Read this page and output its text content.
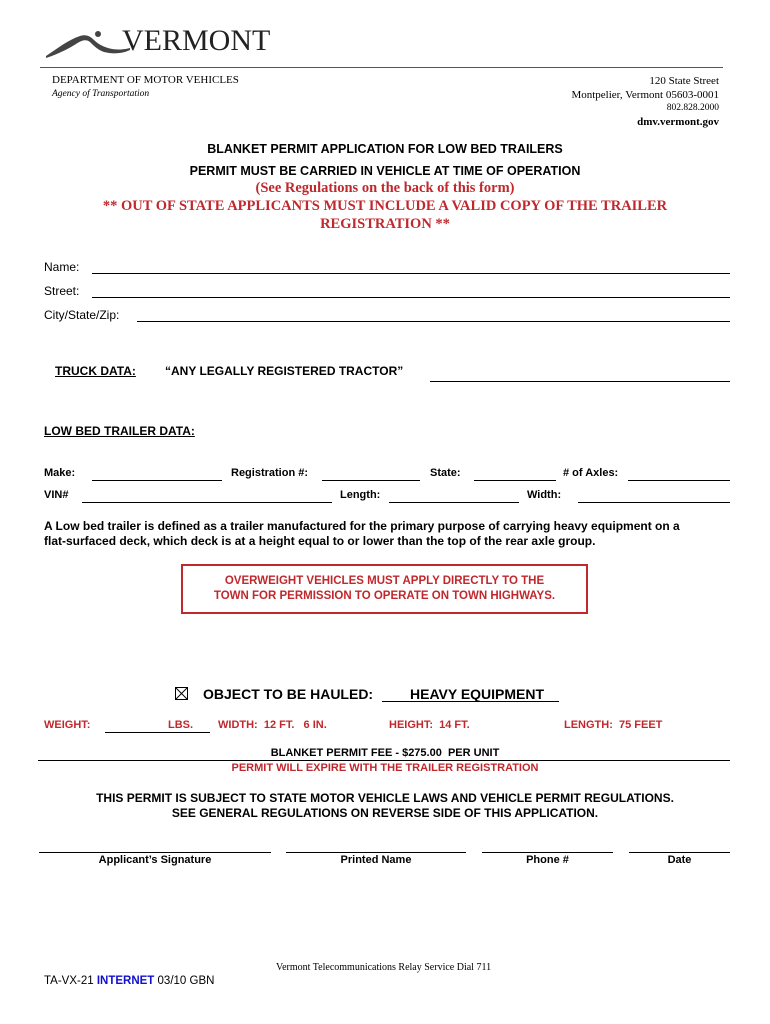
VERMONT
DEPARTMENT OF MOTOR VEHICLES
Agency of Transportation
120 State Street
Montpelier, Vermont 05603-0001
802.828.2000
dmv.vermont.gov
BLANKET PERMIT APPLICATION FOR LOW BED TRAILERS
PERMIT MUST BE CARRIED IN VEHICLE AT TIME OF OPERATION
(See Regulations on the back of this form)
** OUT OF STATE APPLICANTS MUST INCLUDE A VALID COPY OF THE TRAILER
REGISTRATION **
Name:
Street:
City/State/Zip:
TRUCK DATA: “ANY LEGALLY REGISTERED TRACTOR”
LOW BED TRAILER DATA:
Make:	Registration #:	State:	# of Axles:
VIN#	Length:	Width:
A Low bed trailer is defined as a trailer manufactured for the primary purpose of carrying heavy equipment on a
flat-surfaced deck, which deck is at a height equal to or lower than the top of the rear axle group.
OVERWEIGHT VEHICLES MUST APPLY DIRECTLY TO THE
TOWN FOR PERMISSION TO OPERATE ON TOWN HIGHWAYS.
OBJECT TO BE HAULED:	HEAVY EQUIPMENT
WEIGHT:	LBS. WIDTH:  12 FT.   6 IN.	HEIGHT:  14 FT.	LENGTH:  75 FEET
BLANKET PERMIT FEE - $275.00  PER UNIT
PERMIT WILL EXPIRE WITH THE TRAILER REGISTRATION
THIS PERMIT IS SUBJECT TO STATE MOTOR VEHICLE LAWS AND VEHICLE PERMIT REGULATIONS.
SEE GENERAL REGULATIONS ON REVERSE SIDE OF THIS APPLICATION.
Applicant’s Signature	Printed Name	Phone #	Date
Vermont Telecommunications Relay Service Dial 711
TA-VX-21 INTERNET 03/10 GBN
